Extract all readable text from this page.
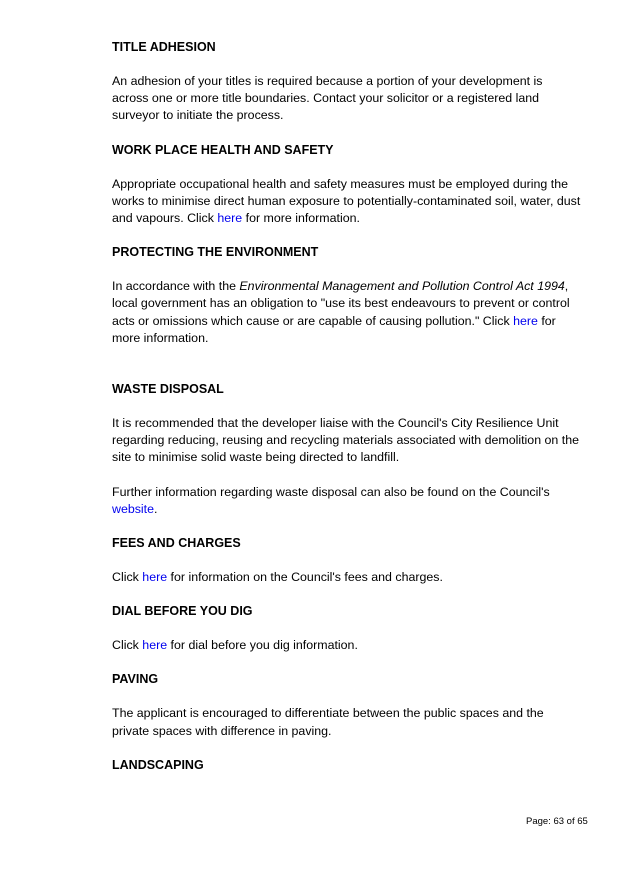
TITLE ADHESION

An adhesion of your titles is required because a portion of your development is across one or more title boundaries. Contact your solicitor or a registered land surveyor to initiate the process.

WORK PLACE HEALTH AND SAFETY

Appropriate occupational health and safety measures must be employed during the works to minimise direct human exposure to potentially-contaminated soil, water, dust and vapours. Click here for more information.

PROTECTING THE ENVIRONMENT

In accordance with the Environmental Management and Pollution Control Act 1994, local government has an obligation to "use its best endeavours to prevent or control acts or omissions which cause or are capable of causing pollution." Click here for more information.

WASTE DISPOSAL

It is recommended that the developer liaise with the Council's City Resilience Unit regarding reducing, reusing and recycling materials associated with demolition on the site to minimise solid waste being directed to landfill.

Further information regarding waste disposal can also be found on the Council's website.

FEES AND CHARGES

Click here for information on the Council's fees and charges.

DIAL BEFORE YOU DIG

Click here for dial before you dig information.

PAVING

The applicant is encouraged to differentiate between the public spaces and the private spaces with difference in paving.

LANDSCAPING
Page: 63 of 65
